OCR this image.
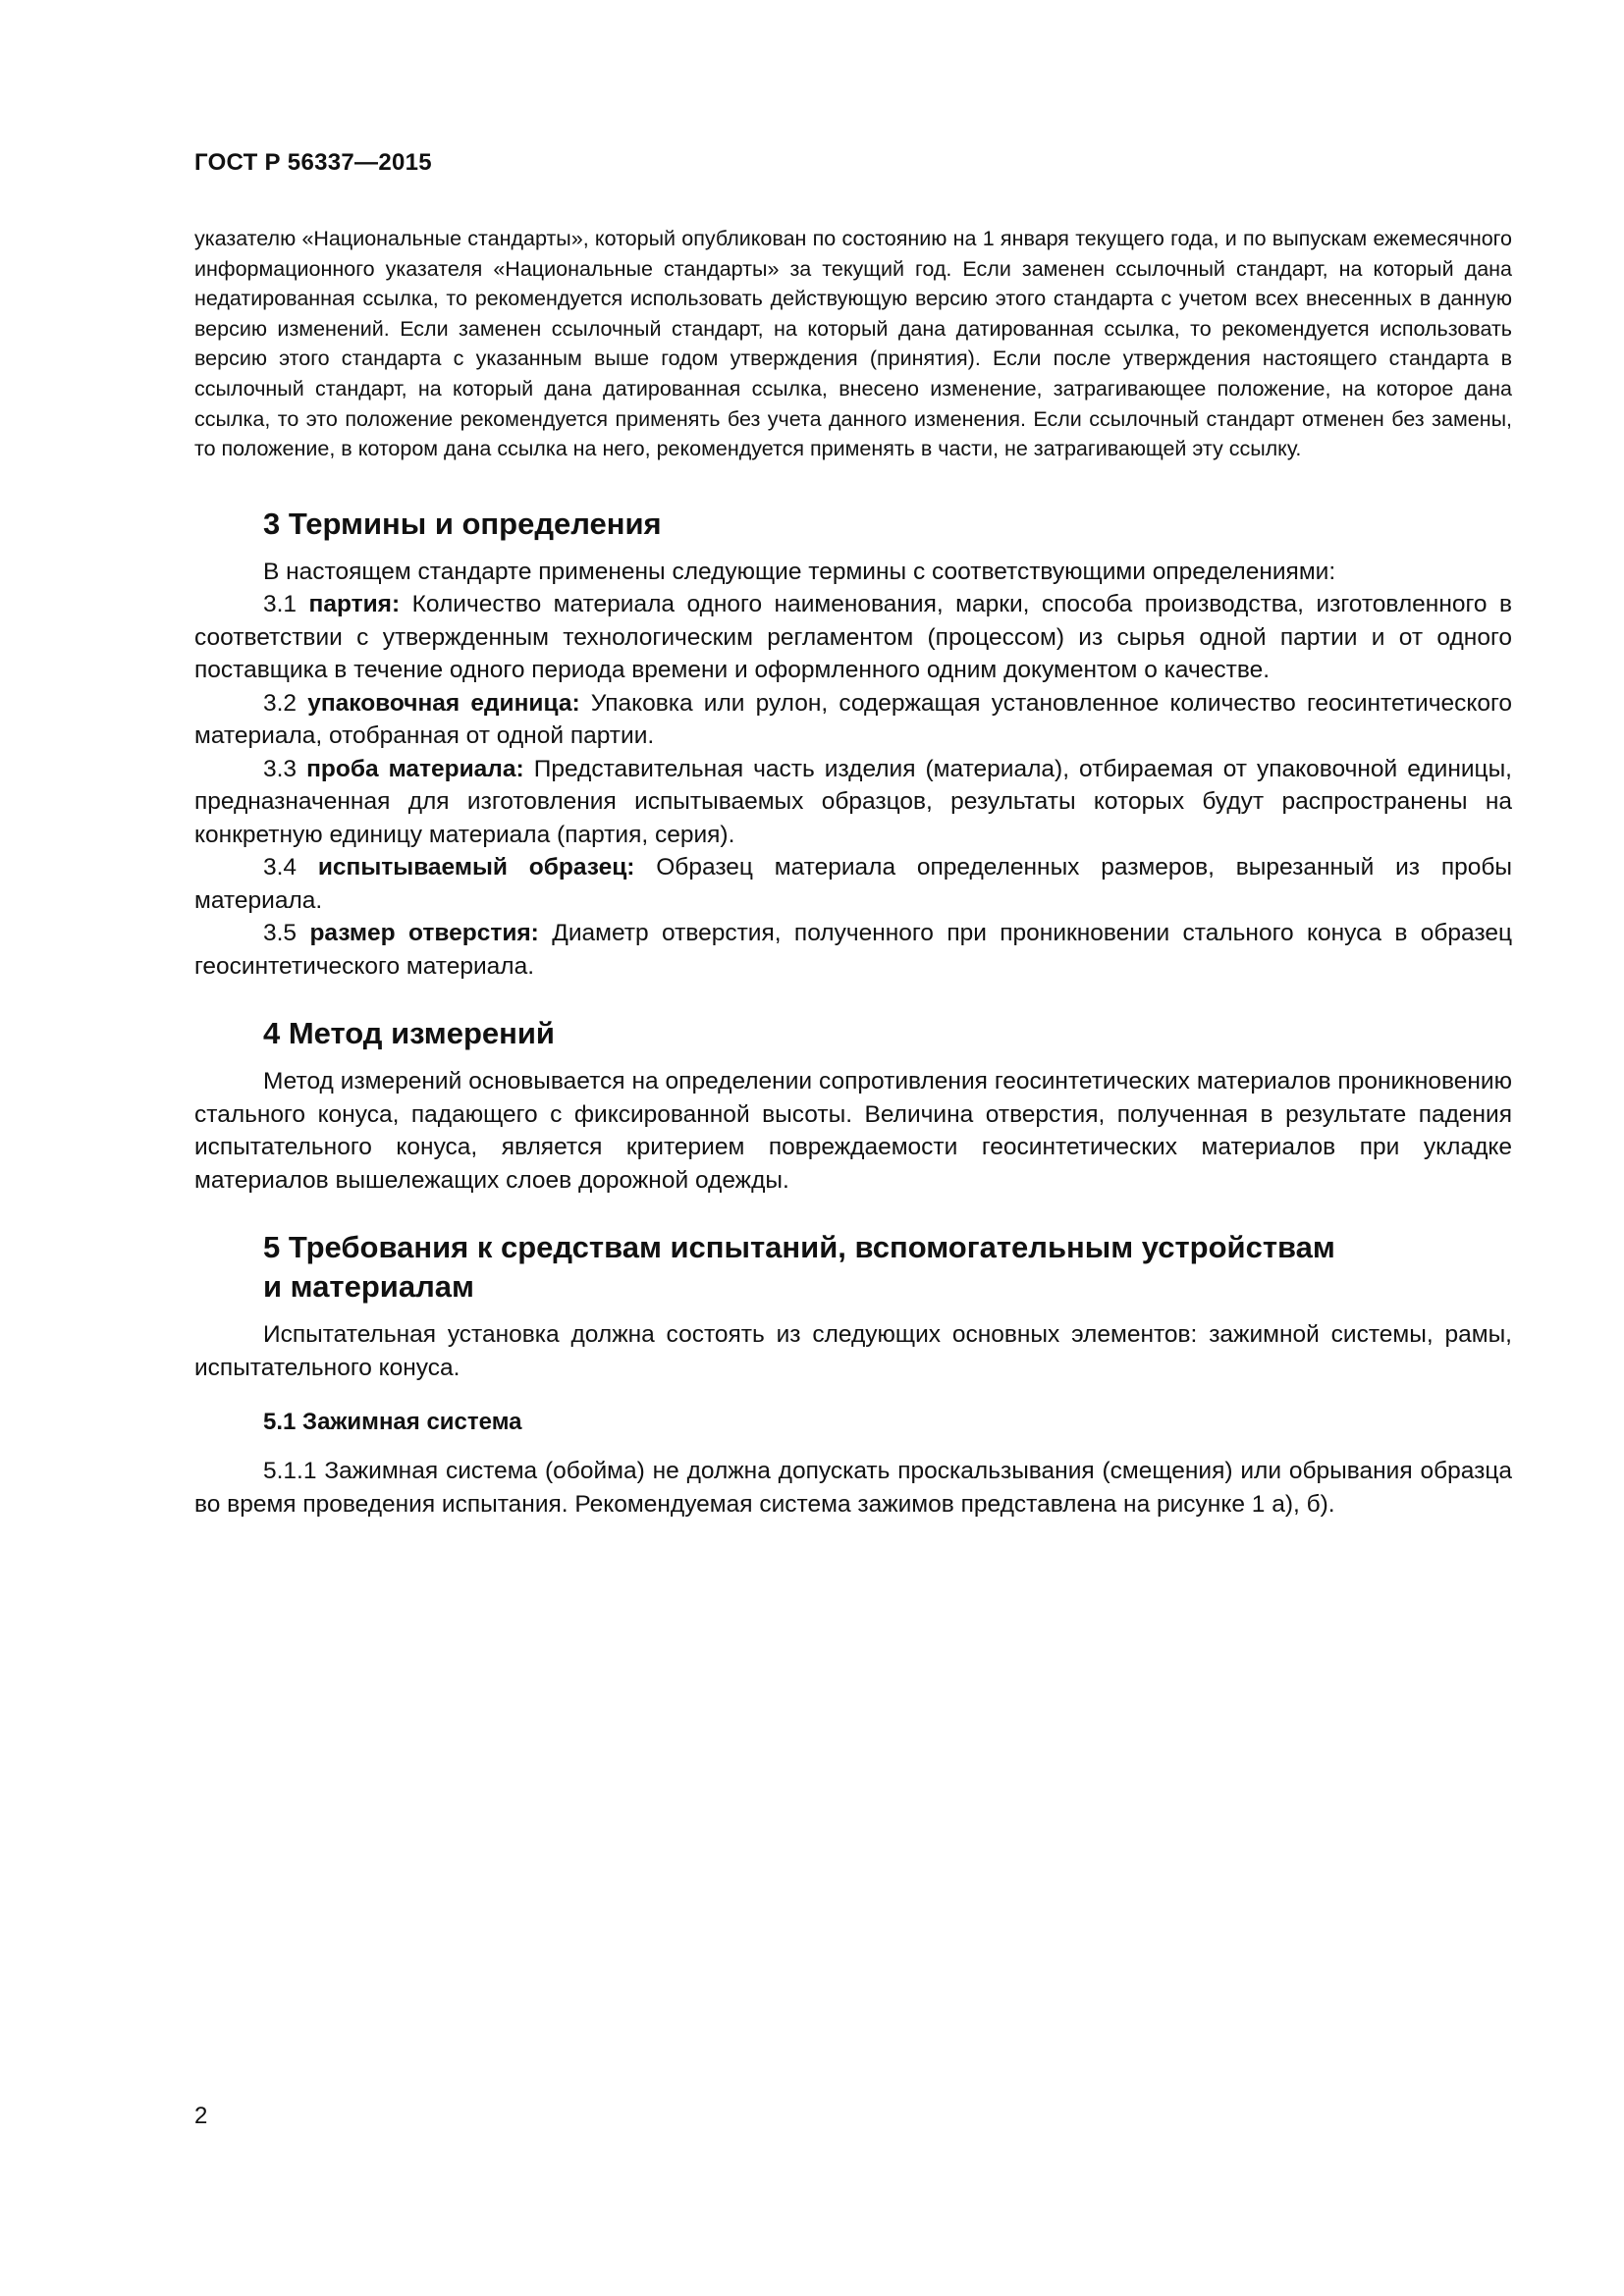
ГОСТ Р 56337—2015

указателю «Национальные стандарты», который опубликован по состоянию на 1 января текущего года, и по выпускам ежемесячного информационного указателя «Национальные стандарты» за текущий год. Если заменен ссылочный стандарт, на который дана недатированная ссылка, то рекомендуется использовать действующую версию этого стандарта с учетом всех внесенных в данную версию изменений. Если заменен ссылочный стандарт, на который дана датированная ссылка, то рекомендуется использовать версию этого стандарта с указанным выше годом утверждения (принятия). Если после утверждения настоящего стандарта в ссылочный стандарт, на который дана датированная ссылка, внесено изменение, затрагивающее положение, на которое дана ссылка, то это положение рекомендуется применять без учета данного изменения. Если ссылочный стандарт отменен без замены, то положение, в котором дана ссылка на него, рекомендуется применять в части, не затрагивающей эту ссылку.

3 Термины и определения

В настоящем стандарте применены следующие термины с соответствующими определениями:

3.1 партия: Количество материала одного наименования, марки, способа производства, изготовленного в соответствии с утвержденным технологическим регламентом (процессом) из сырья одной партии и от одного поставщика в течение одного периода времени и оформленного одним документом о качестве.

3.2 упаковочная единица: Упаковка или рулон, содержащая установленное количество геосинтетического материала, отобранная от одной партии.

3.3 проба материала: Представительная часть изделия (материала), отбираемая от упаковочной единицы, предназначенная для изготовления испытываемых образцов, результаты которых будут распространены на конкретную единицу материала (партия, серия).

3.4 испытываемый образец: Образец материала определенных размеров, вырезанный из пробы материала.

3.5 размер отверстия: Диаметр отверстия, полученного при проникновении стального конуса в образец геосинтетического материала.

4 Метод измерений

Метод измерений основывается на определении сопротивления геосинтетических материалов проникновению стального конуса, падающего с фиксированной высоты. Величина отверстия, полученная в результате падения испытательного конуса, является критерием повреждаемости геосинтетических материалов при укладке материалов вышележащих слоев дорожной одежды.

5 Требования к средствам испытаний, вспомогательным устройствам
и материалам

Испытательная установка должна состоять из следующих основных элементов: зажимной системы, рамы, испытательного конуса.

5.1 Зажимная система

5.1.1 Зажимная система (обойма) не должна допускать проскальзывания (смещения) или обрывания образца во время проведения испытания. Рекомендуемая система зажимов представлена на рисунке 1 а), б).

2
